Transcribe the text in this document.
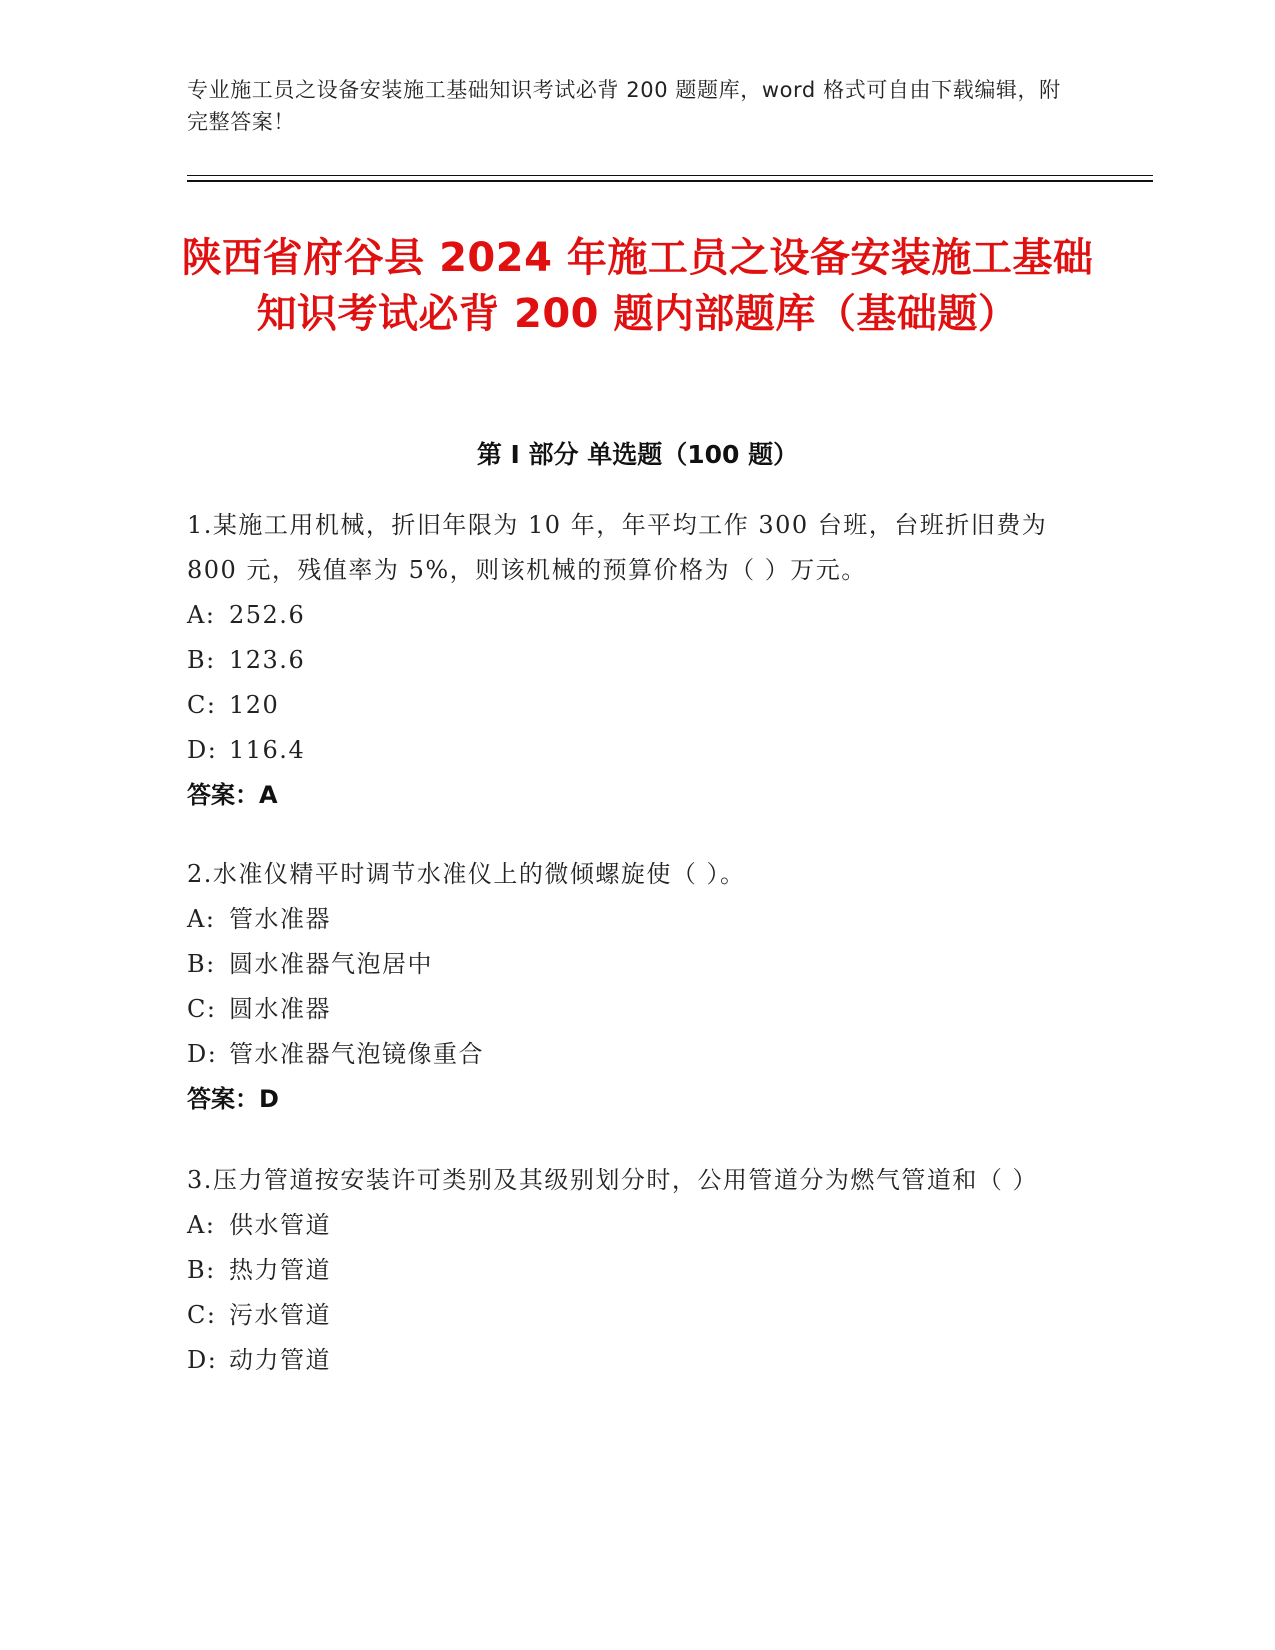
专业施工员之设备安装施工基础知识考试必背 200 题题库，word 格式可自由下载编辑，附完整答案！
陕西省府谷县 2024 年施工员之设备安装施工基础知识考试必背 200 题内部题库（基础题）
第 I 部分 单选题（100 题）
1.某施工用机械，折旧年限为 10 年，年平均工作 300 台班，台班折旧费为 800 元，残值率为 5%，则该机械的预算价格为（ ）万元。
A: 252.6
B: 123.6
C: 120
D: 116.4
答案：A
2.水准仪精平时调节水准仪上的微倾螺旋使（ ）。
A: 管水准器
B: 圆水准器气泡居中
C: 圆水准器
D: 管水准器气泡镜像重合
答案：D
3.压力管道按安装许可类别及其级别划分时，公用管道分为燃气管道和（ ）
A: 供水管道
B: 热力管道
C: 污水管道
D: 动力管道
